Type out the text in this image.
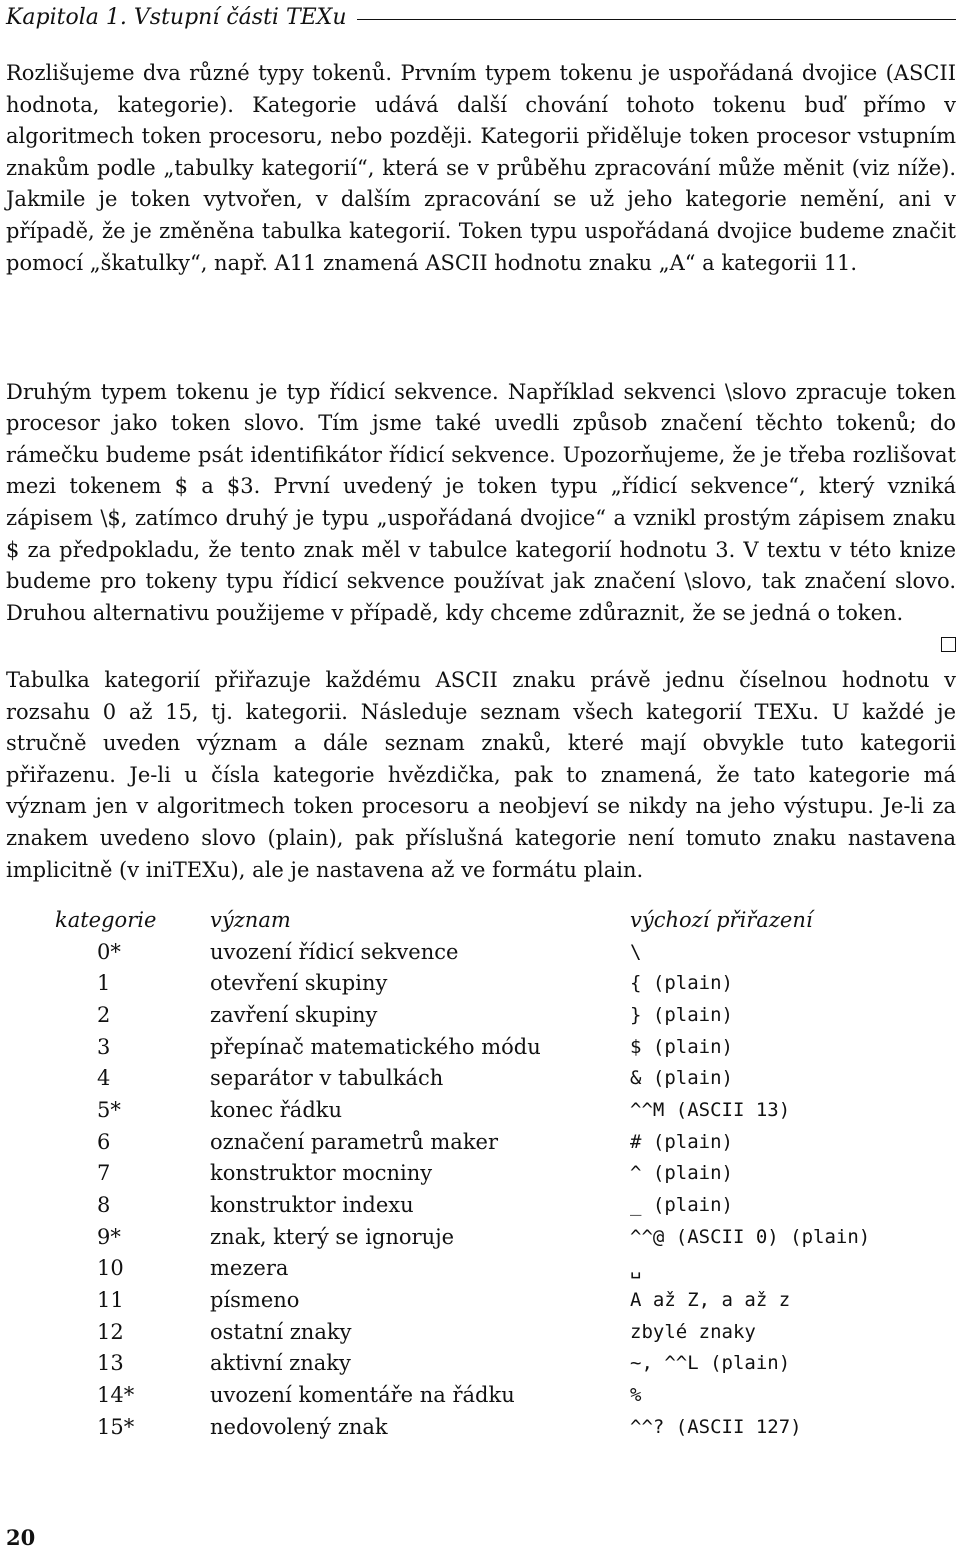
Kapitola 1. Vstupní části TEXu

Rozlišujeme dva různé typy tokenů. Prvním typem tokenu je uspořádaná dvojice (ASCII hodnota, kategorie). Kategorie udává další chování tohoto tokenu buď přímo v algoritmech token procesoru, nebo později. Kategorii přiděluje token procesor vstupním znakům podle „tabulky kategorií“, která se v průběhu zpracování může měnit (viz níže). Jakmile je token vytvořen, v dalším zpracování se už jeho kategorie nemění, ani v případě, že je změněna tabulka kategorií. Token typu uspořádaná dvojice budeme značit pomocí „škatulky“, např. A11 znamená ASCII hodnotu znaku „A“ a kategorii 11.

Druhým typem tokenu je typ řídicí sekvence. Například sekvenci \slovo zpracuje token procesor jako token slovo. Tím jsme také uvedli způsob značení těchto tokenů; do rámečku budeme psát identifikátor řídicí sekvence. Upozorňujeme, že je třeba rozlišovat mezi tokenem $ a $3. První uvedený je token typu „řídicí sekvence“, který vzniká zápisem \$, zatímco druhý je typu „uspořádaná dvojice“ a vznikl prostým zápisem znaku $ za předpokladu, že tento znak měl v tabulce kategorií hodnotu 3. V textu v této knize budeme pro tokeny typu řídicí sekvence používat jak značení \slovo, tak značení slovo. Druhou alternativu použijeme v případě, kdy chceme zdůraznit, že se jedná o token.

Tabulka kategorií přiřazuje každému ASCII znaku právě jednu číselnou hodnotu v rozsahu 0 až 15, tj. kategorii. Následuje seznam všech kategorií TEXu. U každé je stručně uveden význam a dále seznam znaků, které mají obvykle tuto kategorii přiřazenu. Je-li u čísla kategorie hvězdička, pak to znamená, že tato kategorie má význam jen v algoritmech token procesoru a neobjeví se nikdy na jeho výstupu. Je-li za znakem uvedeno slovo (plain), pak příslušná kategorie není tomuto znaku nastavena implicitně (v iniTEXu), ale je nastavena až ve formátu plain.

kategorie	význam	výchozí přiřazení
0*	uvození řídicí sekvence	\
1	otevření skupiny	{ (plain)
2	zavření skupiny	} (plain)
3	přepínač matematického módu	$ (plain)
4	separátor v tabulkách	& (plain)
5*	konec řádku	^^M (ASCII 13)
6	označení parametrů maker	# (plain)
7	konstruktor mocniny	^ (plain)
8	konstruktor indexu	_ (plain)
9*	znak, který se ignoruje	^^@ (ASCII 0) (plain)
10	mezera	␣
11	písmeno	A až Z, a až z
12	ostatní znaky	zbylé znaky
13	aktivní znaky	~, ^^L (plain)
14*	uvození komentáře na řádku	%
15*	nedovolený znak	^^? (ASCII 127)
20
